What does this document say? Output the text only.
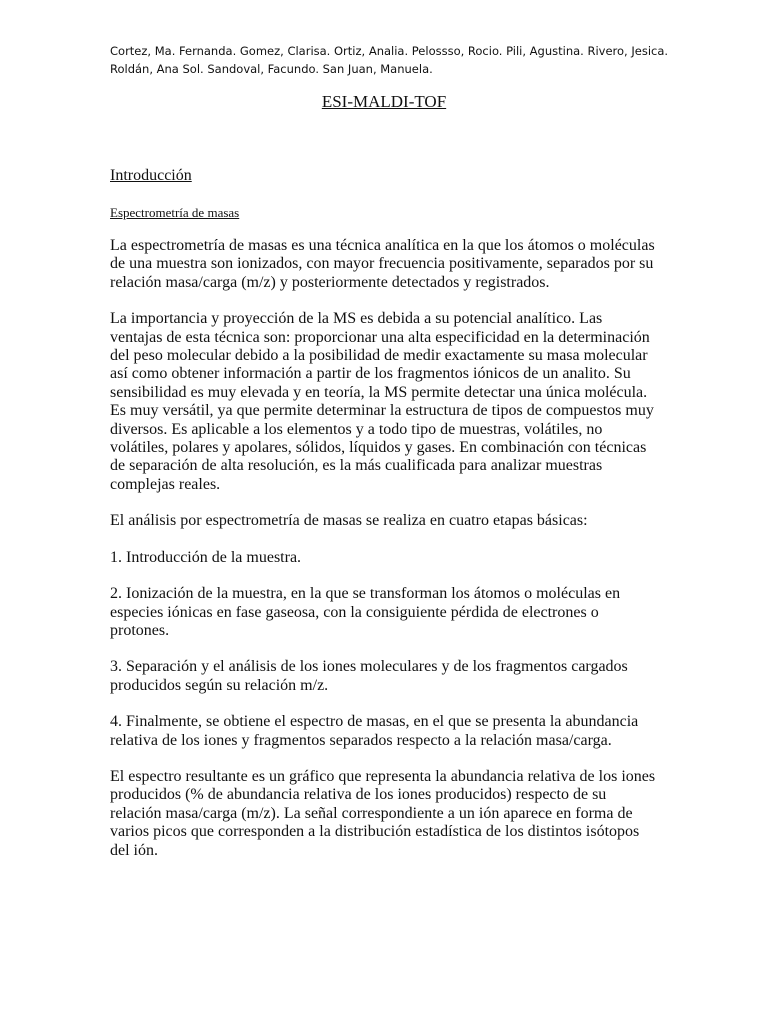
Cortez, Ma. Fernanda. Gomez, Clarisa. Ortiz, Analia. Pelossso, Rocio. Pili, Agustina. Rivero, Jesica. Roldán, Ana Sol. Sandoval, Facundo. San Juan, Manuela.

ESI-MALDI-TOF
Introducción
Espectrometría de masas

La espectrometría de masas es una técnica analítica en la que los átomos o moléculas de una muestra son ionizados, con mayor frecuencia positivamente, separados por su relación masa/carga (m/z) y posteriormente detectados y registrados.

La importancia y proyección de la MS es debida a su potencial analítico. Las ventajas de esta técnica son: proporcionar una alta especificidad en la determinación del peso molecular debido a la posibilidad de medir exactamente su masa molecular así como obtener información a partir de los fragmentos iónicos de un analito. Su sensibilidad es muy elevada y en teoría, la MS permite detectar una única molécula. Es muy versátil, ya que permite determinar la estructura de tipos de compuestos muy diversos. Es aplicable a los elementos y a todo tipo de muestras, volátiles, no volátiles, polares y apolares, sólidos, líquidos y gases. En combinación con técnicas de separación de alta resolución, es la más cualificada para analizar muestras complejas reales.

El análisis por espectrometría de masas se realiza en cuatro etapas básicas:

1. Introducción de la muestra.

2. Ionización de la muestra, en la que se transforman los átomos o moléculas en especies iónicas en fase gaseosa, con la consiguiente pérdida de electrones o protones.

3. Separación y el análisis de los iones moleculares y de los fragmentos cargados producidos según su relación m/z.

4. Finalmente, se obtiene el espectro de masas, en el que se presenta la abundancia relativa de los iones y fragmentos separados respecto a la relación masa/carga.

El espectro resultante es un gráfico que representa la abundancia relativa de los iones producidos (% de abundancia relativa de los iones producidos) respecto de su relación masa/carga (m/z). La señal correspondiente a un ión aparece en forma de varios picos que corresponden a la distribución estadística de los distintos isótopos del ión.
